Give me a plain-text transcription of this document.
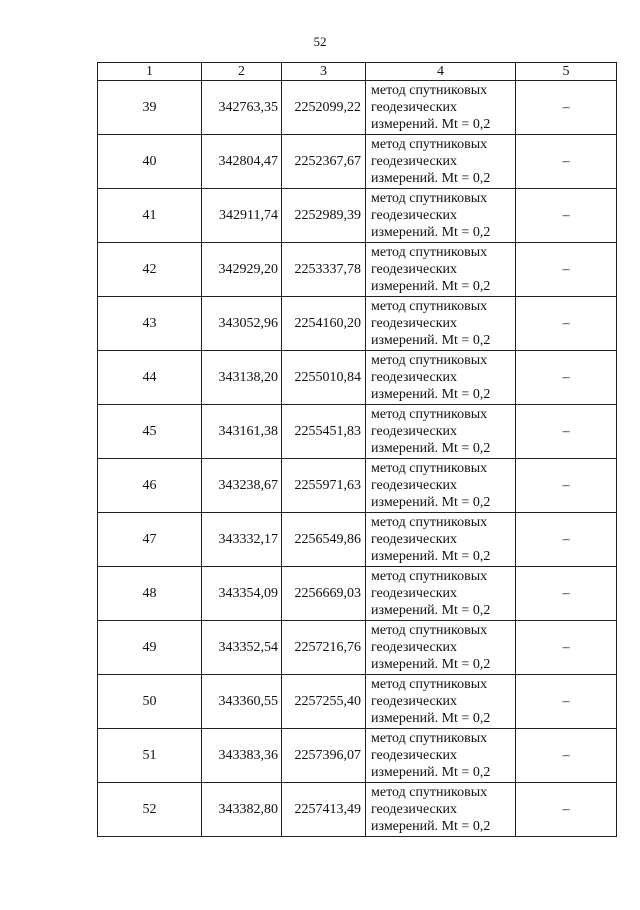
52
1	2	3	4	5
39	342763,35	2252099,22	метод спутниковых геодезических измерений. Mt = 0,2	–
40	342804,47	2252367,67	метод спутниковых геодезических измерений. Mt = 0,2	–
41	342911,74	2252989,39	метод спутниковых геодезических измерений. Mt = 0,2	–
42	342929,20	2253337,78	метод спутниковых геодезических измерений. Mt = 0,2	–
43	343052,96	2254160,20	метод спутниковых геодезических измерений. Mt = 0,2	–
44	343138,20	2255010,84	метод спутниковых геодезических измерений. Mt = 0,2	–
45	343161,38	2255451,83	метод спутниковых геодезических измерений. Mt = 0,2	–
46	343238,67	2255971,63	метод спутниковых геодезических измерений. Mt = 0,2	–
47	343332,17	2256549,86	метод спутниковых геодезических измерений. Mt = 0,2	–
48	343354,09	2256669,03	метод спутниковых геодезических измерений. Mt = 0,2	–
49	343352,54	2257216,76	метод спутниковых геодезических измерений. Mt = 0,2	–
50	343360,55	2257255,40	метод спутниковых геодезических измерений. Mt = 0,2	–
51	343383,36	2257396,07	метод спутниковых геодезических измерений. Mt = 0,2	–
52	343382,80	2257413,49	метод спутниковых геодезических измерений. Mt = 0,2	–
